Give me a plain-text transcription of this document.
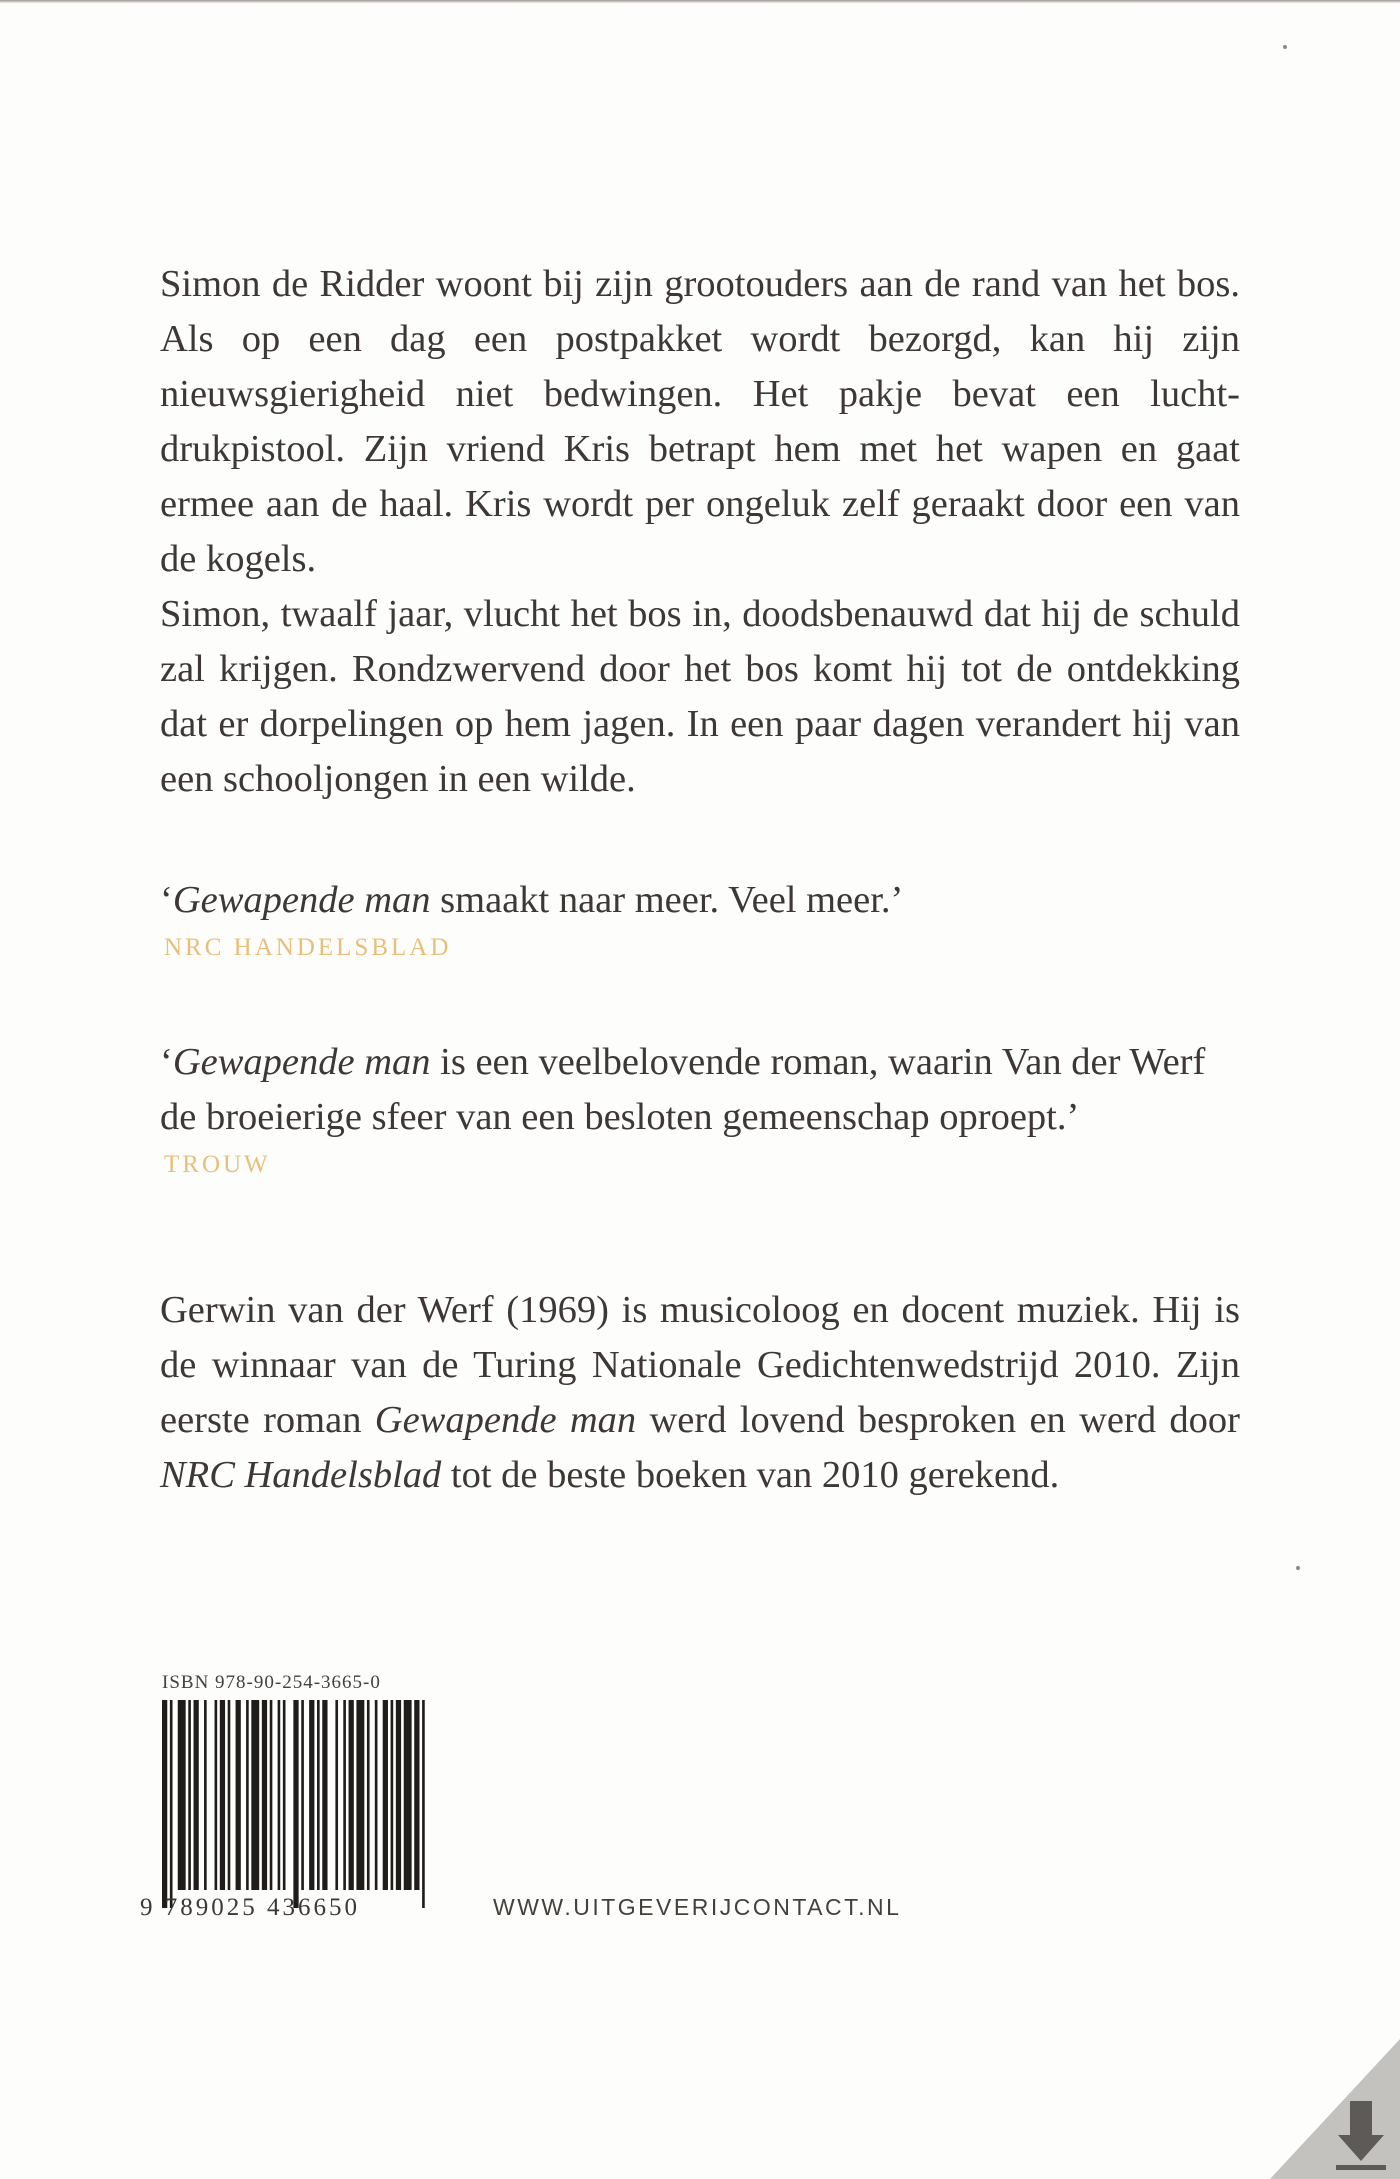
Simon de Ridder woont bij zijn grootouders aan de rand van het bos. Als op een dag een postpakket wordt bezorgd, kan hij zijn nieuwsgierigheid niet bedwingen. Het pakje bevat een lucht-drukpistool. Zijn vriend Kris betrapt hem met het wapen en gaat ermee aan de haal. Kris wordt per ongeluk zelf geraakt door een van de kogels.

Simon, twaalf jaar, vlucht het bos in, doodsbenauwd dat hij de schuld zal krijgen. Rondzwervend door het bos komt hij tot de ontdekking dat er dorpelingen op hem jagen. In een paar dagen verandert hij van een schooljongen in een wilde.

‘Gewapende man smaakt naar meer. Veel meer.’
NRC HANDELSBLAD
‘Gewapende man is een veelbelovende roman, waarin Van der Werf de broeierige sfeer van een besloten gemeenschap oproept.’
TROUW

Gerwin van der Werf (1969) is musicoloog en docent muziek. Hij is de winnaar van de Turing Nationale Gedichtenwedstrijd 2010. Zijn eerste roman Gewapende man werd lovend besproken en werd door NRC Handelsblad tot de beste boeken van 2010 gerekend.

ISBN 978-90-254-3665-0
9 789025 436650	WWW.UITGEVERIJCONTACT.NL
